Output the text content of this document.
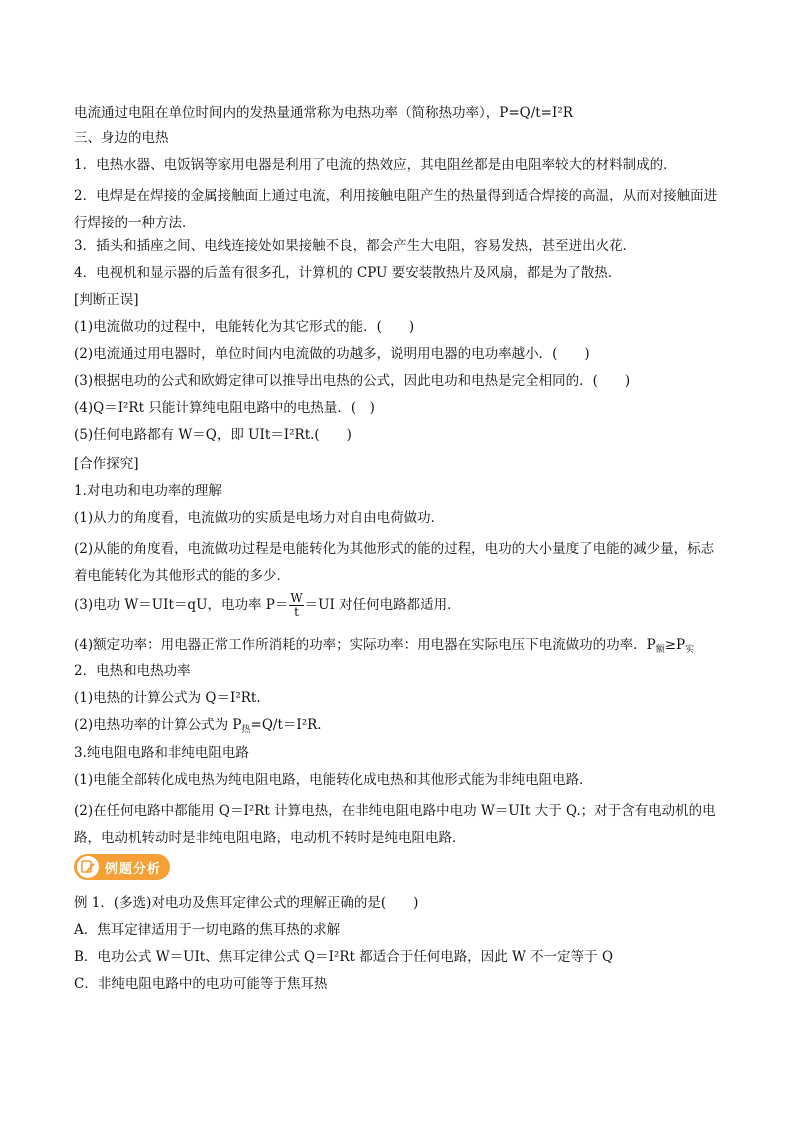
电流通过电阻在单位时间内的发热量通常称为电热功率（简称热功率），P=Q/t=I²R
三、身边的电热
1．电热水器、电饭锅等家用电器是利用了电流的热效应，其电阻丝都是由电阻率较大的材料制成的．
2．电焊是在焊接的金属接触面上通过电流，利用接触电阻产生的热量得到适合焊接的高温，从而对接触面进行焊接的一种方法．
3．插头和插座之间、电线连接处如果接触不良，都会产生大电阻，容易发热，甚至迸出火花．
4．电视机和显示器的后盖有很多孔，计算机的 CPU 要安装散热片及风扇，都是为了散热．
[判断正误]
(1)电流做功的过程中，电能转化为其它形式的能．(　　)
(2)电流通过用电器时，单位时间内电流做的功越多，说明用电器的电功率越小．(　　)
(3)根据电功的公式和欧姆定律可以推导出电热的公式，因此电功和电热是完全相同的．(　　)
(4)Q＝I²Rt 只能计算纯电阻电路中的电热量．(　)
(5)任何电路都有 W＝Q，即 UIt＝I²Rt.(　　)
[合作探究]
1.对电功和电功率的理解
(1)从力的角度看，电流做功的实质是电场力对自由电荷做功．
(2)从能的角度看，电流做功过程是电能转化为其他形式的能的过程，电功的大小量度了电能的减少量，标志着电能转化为其他形式的能的多少．
(3)电功 W＝UIt＝qU，电功率 $P= \frac{W}{t} =UI$ 对任何电路都适用．
(4)额定功率：用电器正常工作所消耗的功率；实际功率：用电器在实际电压下电流做功的功率．$P_额\ge P_实$
2．电热和电热功率
(1)电热的计算公式为 Q＝I²Rt.
(2)电热功率的计算公式为 $P_热=Q/t=I^2R$.
3.纯电阻电路和非纯电阻电路
(1)电能全部转化成电热为纯电阻电路，电能转化成电热和其他形式能为非纯电阻电路．
(2)在任何电路中都能用 Q＝I²Rt 计算电热，在非纯电阻电路中电功 W＝UIt 大于 Q.；对于含有电动机的电路，电动机转动时是非纯电阻电路，电动机不转时是纯电阻电路．
例题分析
例 1．(多选)对电功及焦耳定律公式的理解正确的是(　　)
A．焦耳定律适用于一切电路的焦耳热的求解
B．电功公式 W＝UIt、焦耳定律公式 Q＝I²Rt 都适合于任何电路，因此 W 不一定等于 Q
C．非纯电阻电路中的电功可能等于焦耳热
